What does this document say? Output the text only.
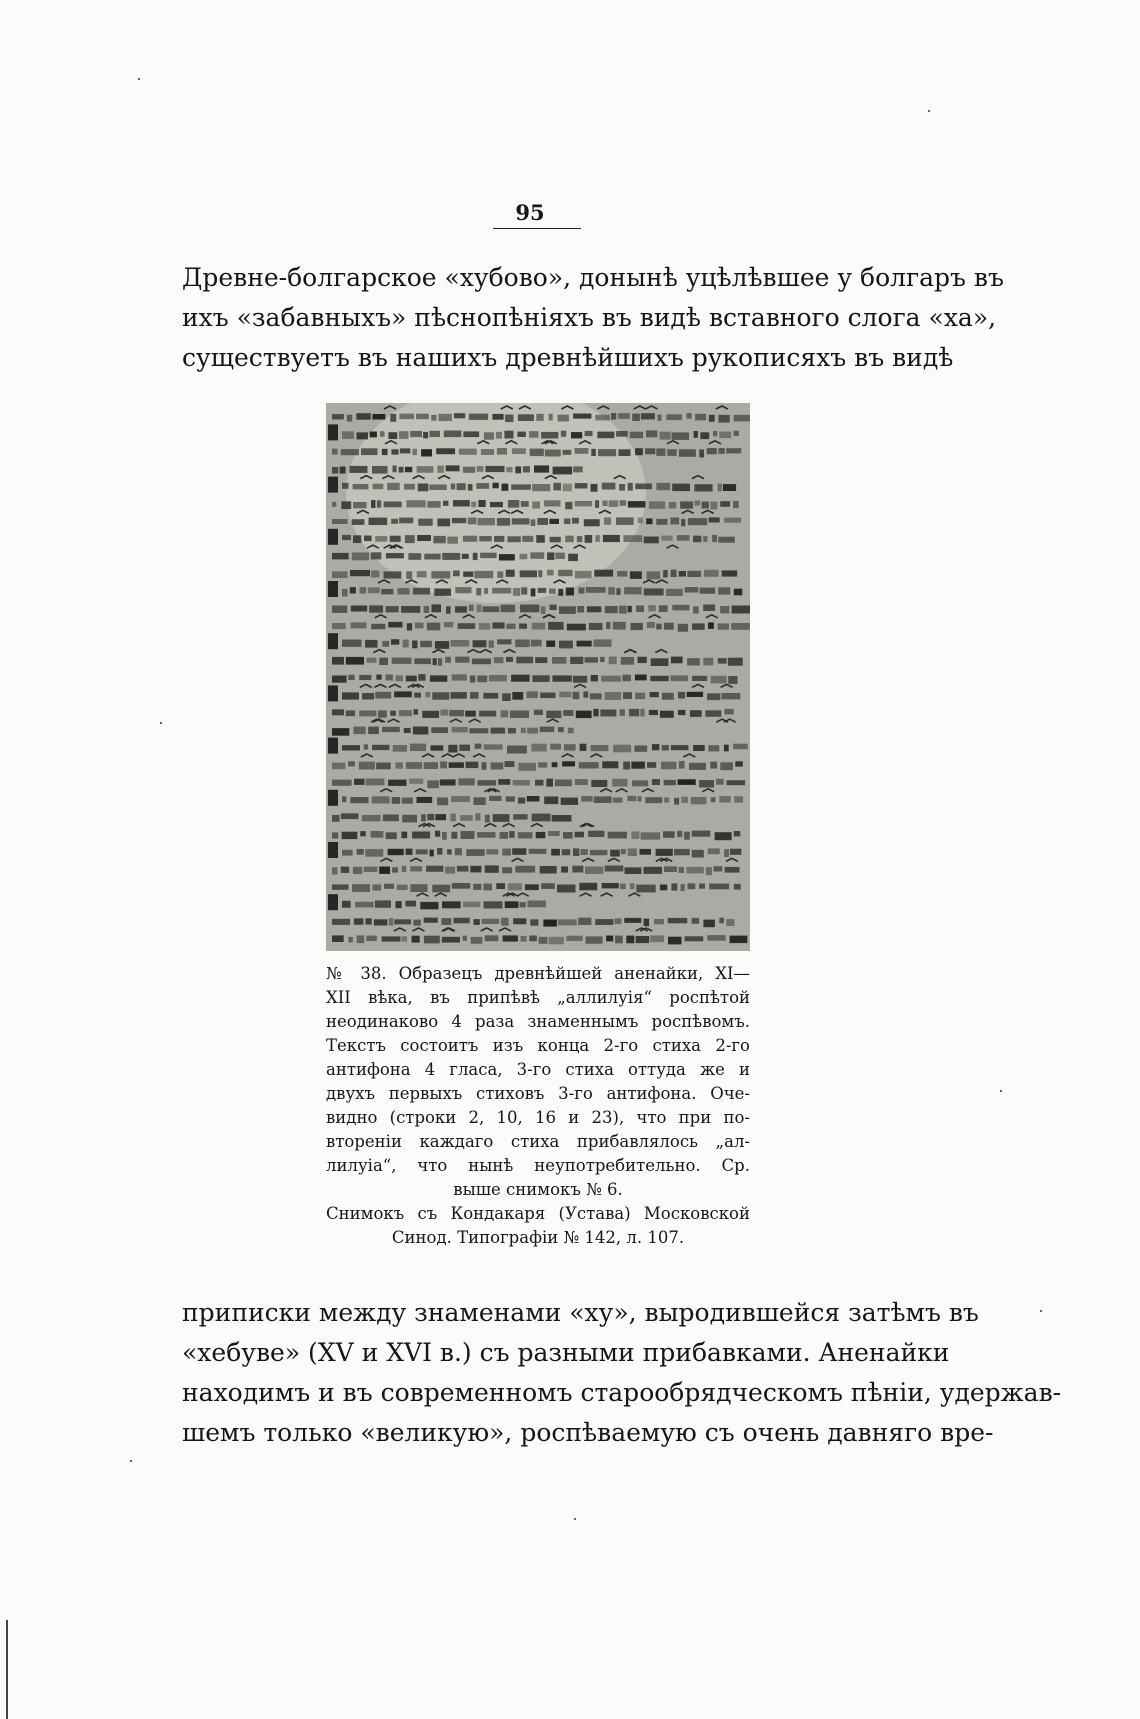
95
Древне-болгарское «хубово», донынѣ уцѣлѣвшее у болгаръ въ
ихъ «забавныхъ» пѣснопѣніяхъ въ видѣ вставного слога «ха»,
существуетъ въ нашихъ древнѣйшихъ рукописяхъ въ видѣ
№ 38. Образецъ древнѣйшей аненайки, XI—
XII вѣка, въ припѣвѣ „аллилуія“ роспѣтой
неодинаково 4 раза знаменнымъ роспѣвомъ.
Текстъ состоитъ изъ конца 2-го стиха 2-го
антифона 4 гласа, 3-го стиха оттуда же и
двухъ первыхъ стиховъ 3-го антифона. Оче-
видно (строки 2, 10, 16 и 23), что при по-
вторенiи каждаго стиха прибавлялось „ал-
лилуіа“, что нынѣ неупотребительно. Ср.
выше снимокъ № 6.
Снимокъ съ Кондакаря (Устава) Московской
Синод. Типографіи № 142, л. 107.
приписки между знаменами «ху», выродившейся затѣмъ въ
«хебуве» (XV и XVI в.) съ разными прибавками. Аненайки
находимъ и въ современномъ старообрядческомъ пѣніи, удержав-
шемъ только «великую», роспѣваемую съ очень давняго вре-
